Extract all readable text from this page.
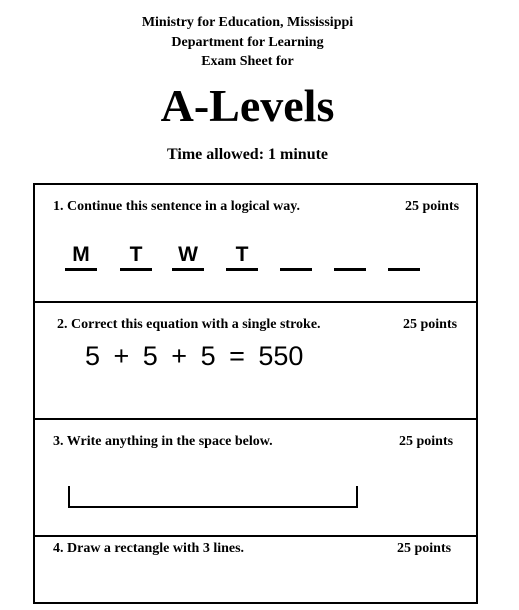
Ministry for Education, Mississippi
Department for Learning
Exam Sheet for
A-Levels
Time allowed: 1 minute
1. Continue this sentence in a logical way.	25 points
M	T	W	T
2. Correct this equation with a single stroke.	25 points
5 + 5 + 5 = 550
3. Write anything in the space below.	25 points
4. Draw a rectangle with 3 lines.	25 points
